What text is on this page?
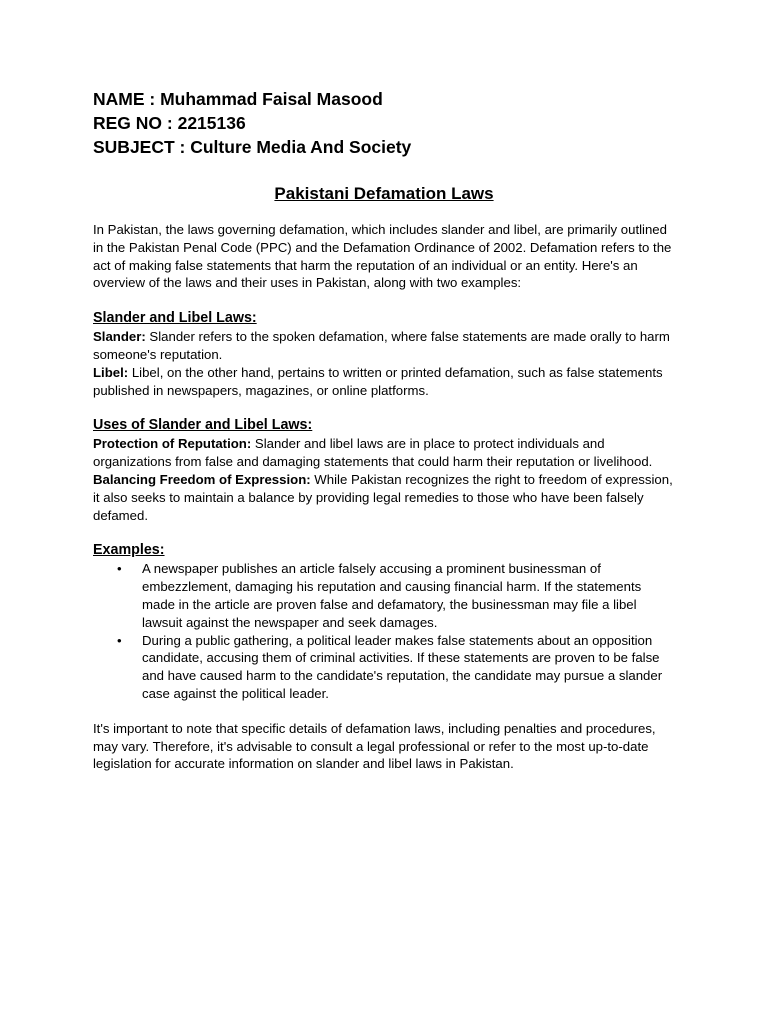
NAME : Muhammad Faisal Masood
REG NO : 2215136
SUBJECT : Culture Media And Society
Pakistani Defamation Laws

In Pakistan, the laws governing defamation, which includes slander and libel, are primarily outlined in the Pakistan Penal Code (PPC) and the Defamation Ordinance of 2002. Defamation refers to the act of making false statements that harm the reputation of an individual or an entity. Here's an overview of the laws and their uses in Pakistan, along with two examples:

Slander and Libel Laws:

Slander: Slander refers to the spoken defamation, where false statements are made orally to harm someone's reputation.

Libel: Libel, on the other hand, pertains to written or printed defamation, such as false statements published in newspapers, magazines, or online platforms.

Uses of Slander and Libel Laws:

Protection of Reputation: Slander and libel laws are in place to protect individuals and organizations from false and damaging statements that could harm their reputation or livelihood.

Balancing Freedom of Expression: While Pakistan recognizes the right to freedom of expression, it also seeks to maintain a balance by providing legal remedies to those who have been falsely defamed.

Examples:
• A newspaper publishes an article falsely accusing a prominent businessman of embezzlement, damaging his reputation and causing financial harm. If the statements made in the article are proven false and defamatory, the businessman may file a libel lawsuit against the newspaper and seek damages.
• During a public gathering, a political leader makes false statements about an opposition candidate, accusing them of criminal activities. If these statements are proven to be false and have caused harm to the candidate's reputation, the candidate may pursue a slander case against the political leader.

It's important to note that specific details of defamation laws, including penalties and procedures, may vary. Therefore, it's advisable to consult a legal professional or refer to the most up-to-date legislation for accurate information on slander and libel laws in Pakistan.
